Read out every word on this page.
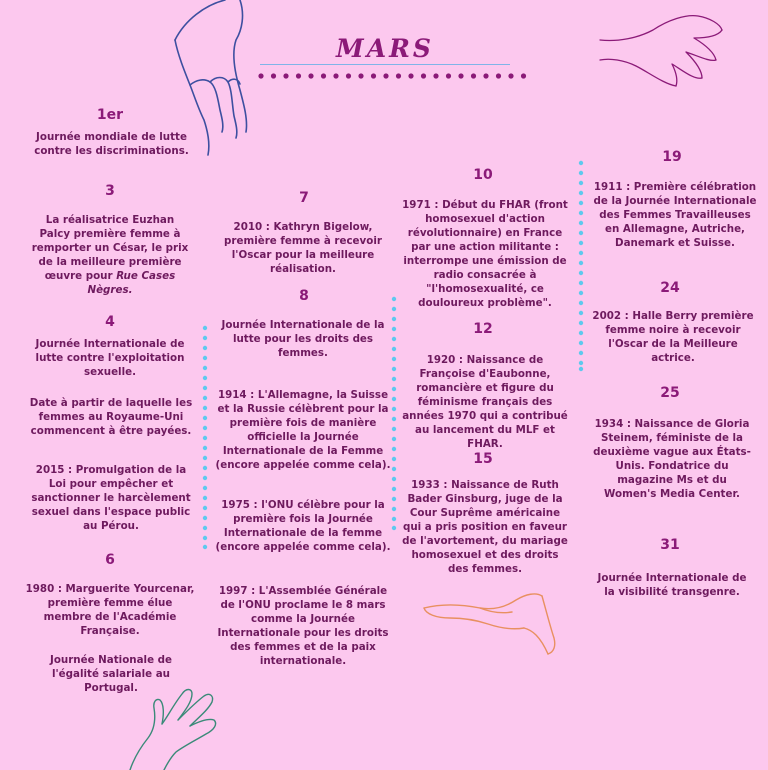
MARS
1er
Journée mondiale de lutte contre les discriminations.
3
La réalisatrice Euzhan Palcy première femme à remporter un César, le prix de la meilleure première œuvre pour Rue Cases Nègres.
4
Journée Internationale de lutte contre l'exploitation sexuelle.
Date à partir de laquelle les femmes au Royaume-Uni commencent à être payées.
2015 : Promulgation de la Loi pour empêcher et sanctionner le harcèlement sexuel dans l'espace public au Pérou.
6
1980 : Marguerite Yourcenar, première femme élue membre de l'Académie Française.
Journée Nationale de l'égalité salariale au Portugal.
7
2010 : Kathryn Bigelow, première femme à recevoir l'Oscar pour la meilleure réalisation.
8
Journée Internationale de la lutte pour les droits des femmes.
1914 : L'Allemagne, la Suisse et la Russie célèbrent pour la première fois de manière officielle la Journée Internationale de la Femme (encore appelée comme cela).
1975 : l'ONU célèbre pour la première fois la Journée Internationale de la femme (encore appelée comme cela).
1997 : L'Assemblée Générale de l'ONU proclame le 8 mars comme la Journée Internationale pour les droits des femmes et de la paix internationale.
10
1971 : Début du FHAR (front homosexuel d'action révolutionnaire) en France par une action militante : interrompe une émission de radio consacrée à "l'homosexualité, ce douloureux problème".
12
1920 : Naissance de Françoise d'Eaubonne, romancière et figure du féminisme français des années 1970 qui a contribué au lancement du MLF et FHAR.
15
1933 : Naissance de Ruth Bader Ginsburg, juge de la Cour Suprême américaine qui a pris position en faveur de l'avortement, du mariage homosexuel et des droits des femmes.
19
1911 : Première célébration de la Journée Internationale des Femmes Travailleuses en Allemagne, Autriche, Danemark et Suisse.
24
2002 : Halle Berry première femme noire à recevoir l'Oscar de la Meilleure actrice.
25
1934 : Naissance de Gloria Steinem, féministe de la deuxième vague aux États-Unis. Fondatrice du magazine Ms et du Women's Media Center.
31
Journée Internationale de la visibilité transgenre.
